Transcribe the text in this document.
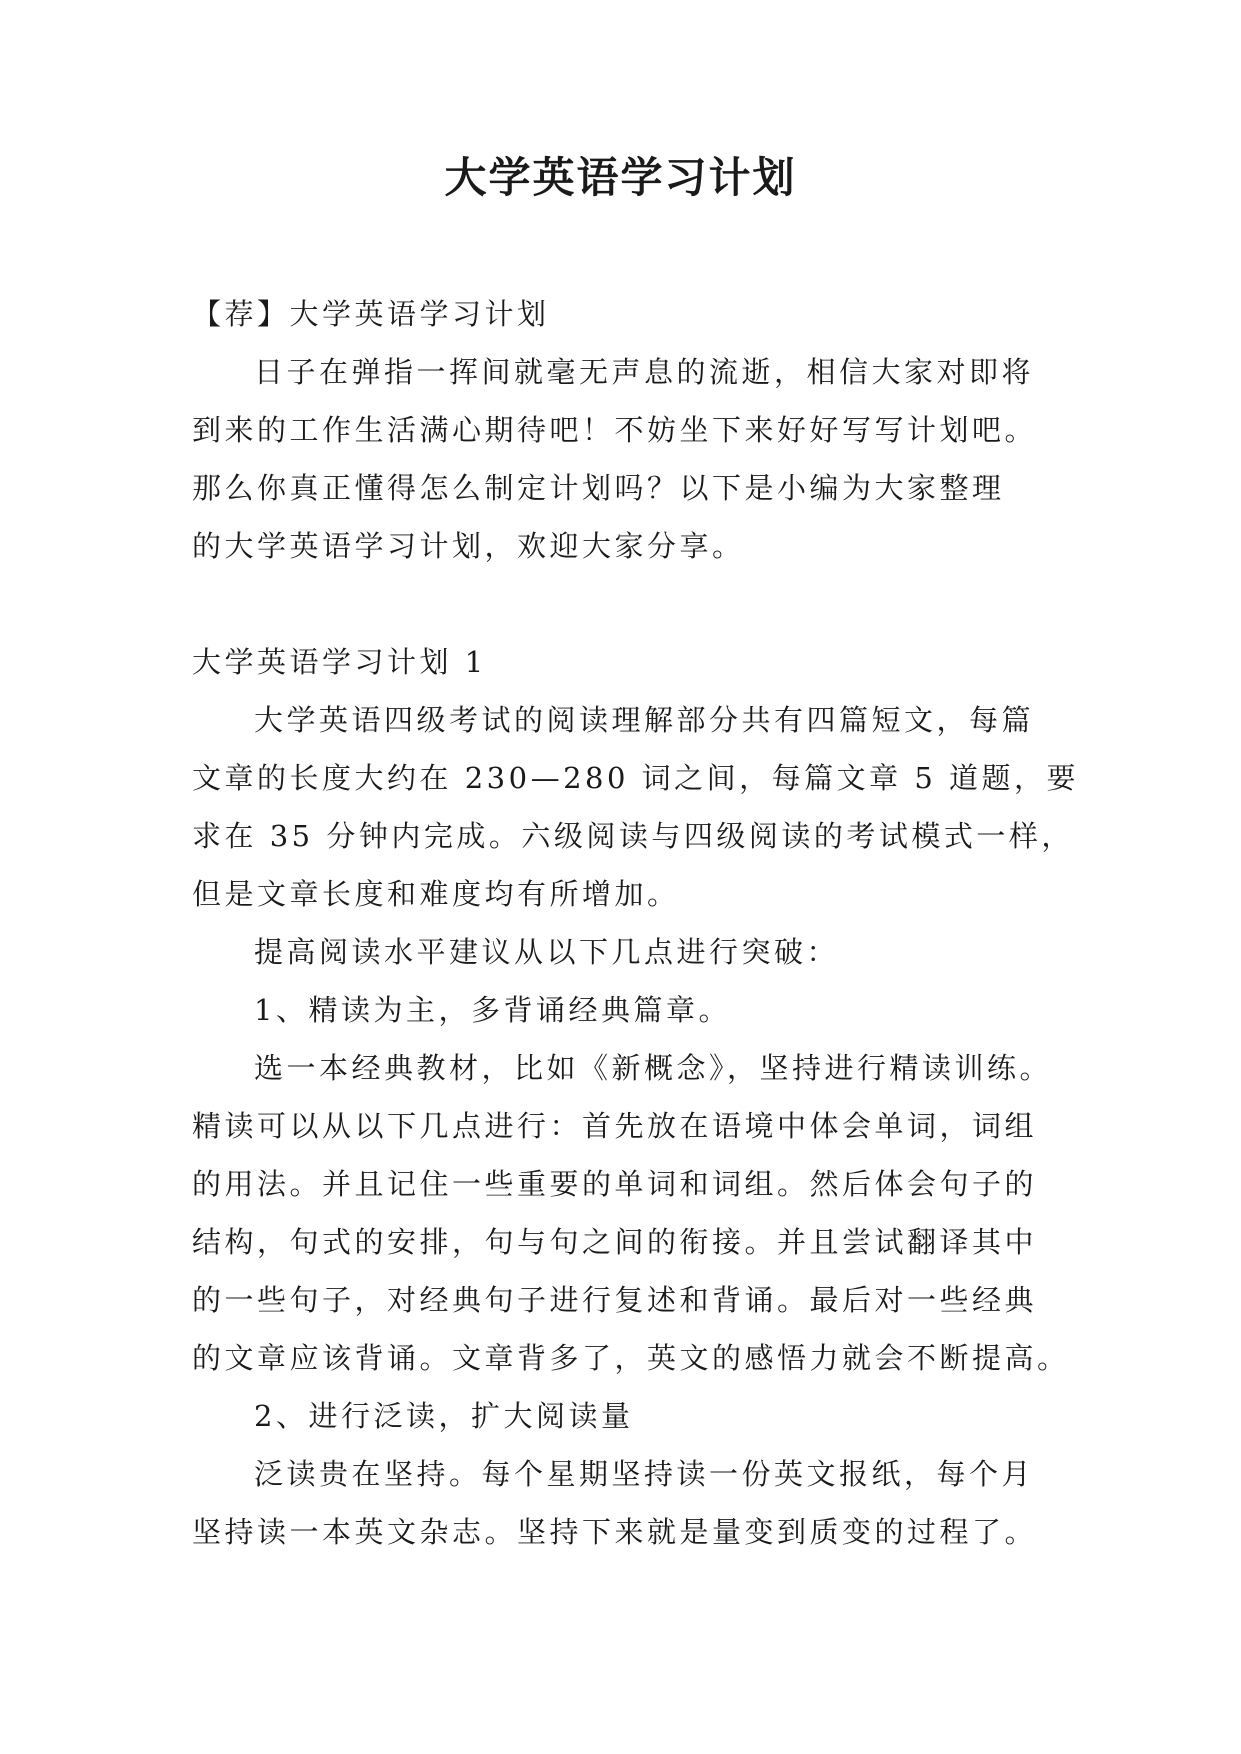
大学英语学习计划

【荐】大学英语学习计划

日子在弹指一挥间就毫无声息的流逝，相信大家对即将

到来的工作生活满心期待吧！不妨坐下来好好写写计划吧。

那么你真正懂得怎么制定计划吗？以下是小编为大家整理

的大学英语学习计划，欢迎大家分享。

大学英语学习计划 1

大学英语四级考试的阅读理解部分共有四篇短文，每篇

文章的长度大约在 230—280 词之间，每篇文章 5 道题，要

求在 35 分钟内完成。六级阅读与四级阅读的考试模式一样，

但是文章长度和难度均有所增加。

提高阅读水平建议从以下几点进行突破：

1、精读为主，多背诵经典篇章。

选一本经典教材，比如《新概念》，坚持进行精读训练。

精读可以从以下几点进行：首先放在语境中体会单词，词组

的用法。并且记住一些重要的单词和词组。然后体会句子的

结构，句式的安排，句与句之间的衔接。并且尝试翻译其中

的一些句子，对经典句子进行复述和背诵。最后对一些经典

的文章应该背诵。文章背多了，英文的感悟力就会不断提高。

2、进行泛读，扩大阅读量

泛读贵在坚持。每个星期坚持读一份英文报纸，每个月

坚持读一本英文杂志。坚持下来就是量变到质变的过程了。
